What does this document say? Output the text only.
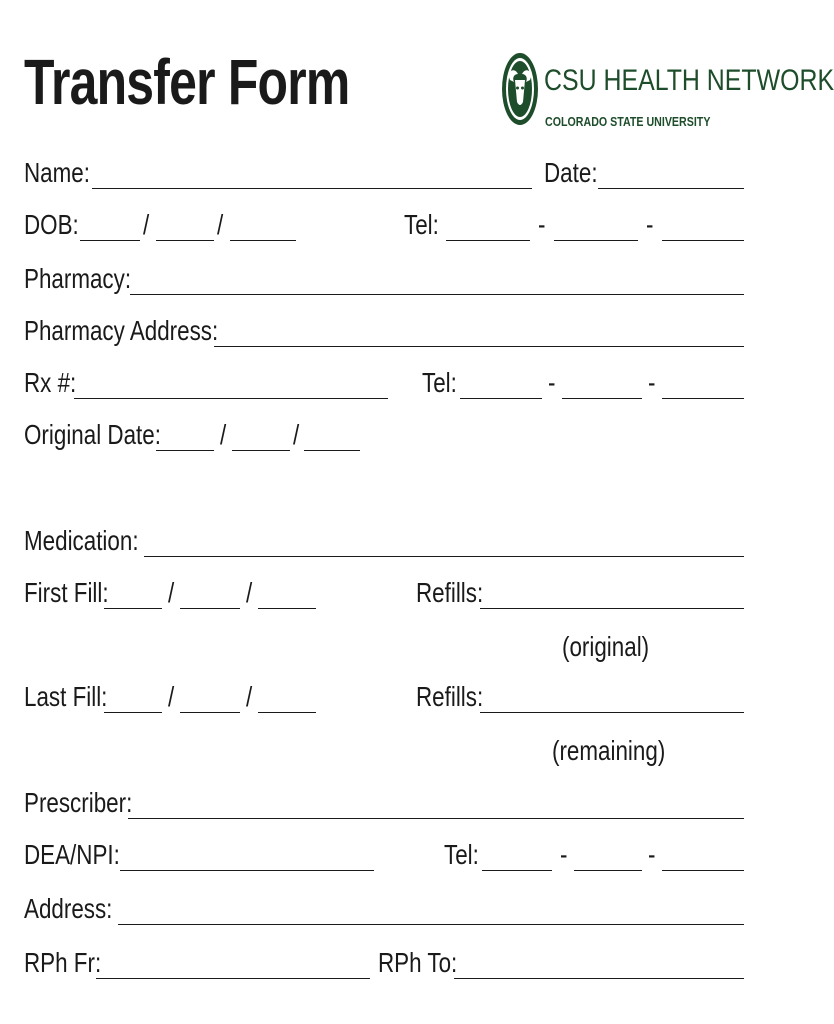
Transfer Form	CSU HEALTH NETWORK
COLORADO STATE UNIVERSITY
Name:	Date:
DOB: / /	Tel:	-	-
Pharmacy:
Pharmacy Address:
Rx #:	Tel:	-	-
Original Date: / /
Medication:
First Fill: /	/	Refills:
(original)
Last Fill: /	/	Refills:
(remaining)
Prescriber:
DEA/NPI:	Tel:	-	-
Address:
RPh Fr:	RPh To:
